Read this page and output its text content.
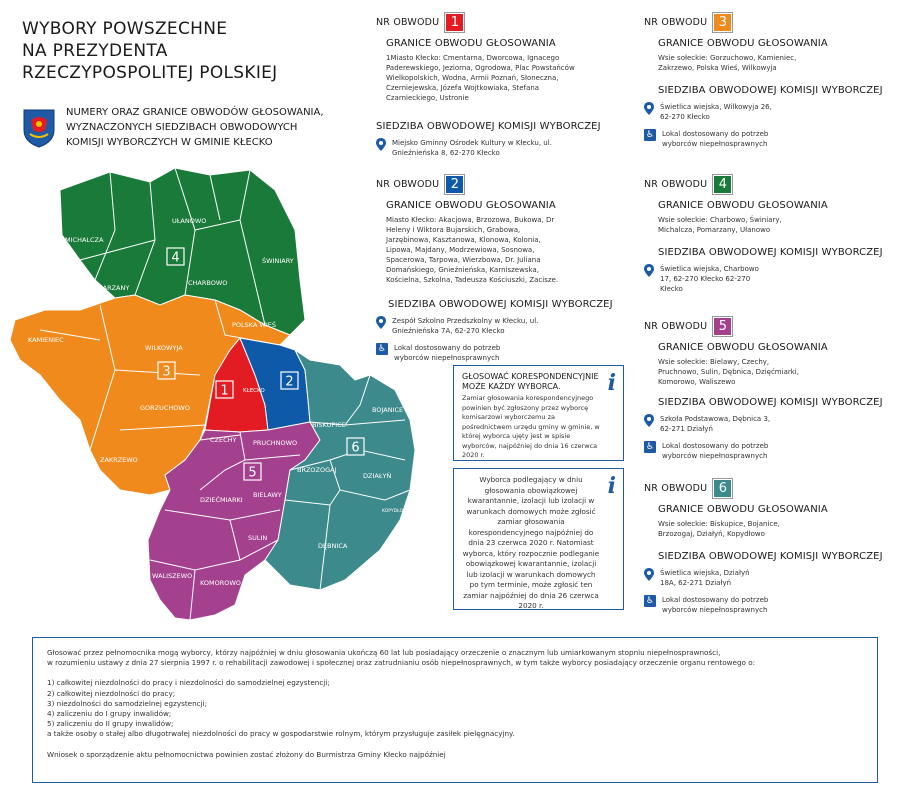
WYBORY POWSZECHNE
NA PREZYDENTA
RZECZYPOSPOLITEJ POLSKIEJ
NUMERY ORAZ GRANICE OBWODÓW GŁOSOWANIA,
WYZNACZONYCH SIEDZIBACH OBWODOWYCH
KOMISJI WYBORCZYCH W GMINIE KŁECKO
MICHALCZA
UŁANOWO
ŚWINIARY
CHARBOWO
POMARZANY
KAMIENIEC
POLSKA WIEŚ
WILKOWYJA
KŁECKO
GORZUCHOWO
ZAKRZEWO
CZECHY	PRUCHNOWO
BISKUPICE
BOJANICE
BRZOZOGAJ
DZIAŁYŃ
KOPYDŁOWO
DZIEĆMIARKI
BIELAWY
SULIN
DĘBNICA
WALISZEWO
KOMOROWO
4
3
1
2
6
5
NR OBWODU 1
GRANICE OBWODU GŁOSOWANIA
1Miasto Kłecko: Cmentarna, Dworcowa, Ignacego Paderewskiego, Jeziorna, Ogrodowa, Plac Powstańców Wielkopolskich, Wodna, Armii Poznań, Słoneczna, Czerniejewska, Józefa Wojtkowiaka, Stefana Czarnieckiego, Ustronie
SIEDZIBA OBWODOWEJ KOMISJI WYBORCZEJ
Miejsko Gminny Ośrodek Kultury w Kłecku, ul. Gnieźnieńska 8, 62-270 Kłecko
NR OBWODU 2
GRANICE OBWODU GŁOSOWANIA
Miasto Kłecko: Akacjowa, Brzozowa, Bukowa, Dr Heleny i Wiktora Bujarskich, Grabowa, Jarzębinowa, Kasztanowa, Klonowa, Kolonia, Lipowa, Majdany, Modrzewiowa, Sosnowa, Spacerowa, Tarpowa, Wierzbowa, Dr. Juliana Domańskiego, Gnieźnieńska, Karniszewska, Kościelna, Szkolna, Tadeusza Kościuszki, Zacisze.
SIEDZIBA OBWODOWEJ KOMISJI WYBORCZEJ
Zespół Szkolno Przedszkolny w Kłecku, ul. Gnieźnieńska 7A, 62-270 Kłecko
♿ Lokal dostosowany do potrzeb wyborców niepełnosprawnych
NR OBWODU 3
GRANICE OBWODU GŁOSOWANIA
Wsie sołeckie: Gorzuchowo, Kamieniec, Zakrzewo, Polska Wieś, Wilkowyja
SIEDZIBA OBWODOWEJ KOMISJI WYBORCZEJ
Świetlica wiejska, Wilkowyja 26, 62-270 Kłecko
♿ Lokal dostosowany do potrzeb wyborców niepełnosprawnych
NR OBWODU 4
GRANICE OBWODU GŁOSOWANIA
Wsie sołeckie: Charbowo, Świniary, Michalcza, Pomarzany, Ułanowo
SIEDZIBA OBWODOWEJ KOMISJI WYBORCZEJ
Świetlica wiejska, Charbowo 17, 62-270 Kłecko 62-270 Kłecko
NR OBWODU 5
GRANICE OBWODU GŁOSOWANIA
Wsie sołeckie: Bielawy, Czechy, Pruchnowo, Sulin, Dębnica, Dzięćmiarki, Komorowo, Waliszewo
SIEDZIBA OBWODOWEJ KOMISJI WYBORCZEJ
Szkoła Podstawowa, Dębnica 3, 62-271 Działyń
♿ Lokal dostosowany do potrzeb wyborców niepełnosprawnych
NR OBWODU 6
GRANICE OBWODU GŁOSOWANIA
Wsie sołeckie: Biskupice, Bojanice, Brzozogaj, Działyń, Kopydłowo
SIEDZIBA OBWODOWEJ KOMISJI WYBORCZEJ
Świetlica wiejska, Działyń 18A, 62-271 Działyń
♿ Lokal dostosowany do potrzeb wyborców niepełnosprawnych
i
GŁOSOWAĆ KORESPONDENCYJNIE MOŻE KAŻDY WYBORCA.
Zamiar głosowania korespondencyjnego powinien być zgłoszony przez wyborcę komisarzowi wyborczemu za pośrednictwem urzędu gminy w gminie, w której wyborca ujęty jest w spisie wyborców, najpóźniej do dnia 16 czerwca 2020 r.
i
Wyborca podlegający w dniu głosowania obowiązkowej kwarantannie, izolacji lub izolacji w warunkach domowych może zgłosić zamiar głosowania korespondencyjnego najpóźniej do dnia 23 czerwca 2020 r. Natomiast wyborca, który rozpocznie podleganie obowiązkowej kwarantannie, izolacji lub izolacji w warunkach domowych po tym terminie, może zgłosić ten zamiar najpóźniej do dnia 26 czerwca 2020 r.
Głosować przez pełnomocnika mogą wyborcy, którzy najpóźniej w dniu głosowania ukończą 60 lat lub posiadający orzeczenie o znacznym lub umiarkowanym stopniu niepełnosprawności,
w rozumieniu ustawy z dnia 27 sierpnia 1997 r. o rehabilitacji zawodowej i społecznej oraz zatrudnianiu osób niepełnosprawnych, w tym także wyborcy posiadający orzeczenie organu rentowego o:
1) całkowitej niezdolności do pracy i niezdolności do samodzielnej egzystencji;
2) całkowitej niezdolności do pracy;
3) niezdolności do samodzielnej egzystencji;
4) zaliczeniu do I grupy inwalidów;
5) zaliczeniu do II grupy inwalidów;
a także osoby o stałej albo długotrwałej niezdolności do pracy w gospodarstwie rolnym, którym przysługuje zasiłek pielęgnacyjny.
Wniosek o sporządzenie aktu pełnomocnictwa powinien zostać złożony do Burmistrza Gminy Kłecko najpóźniej
